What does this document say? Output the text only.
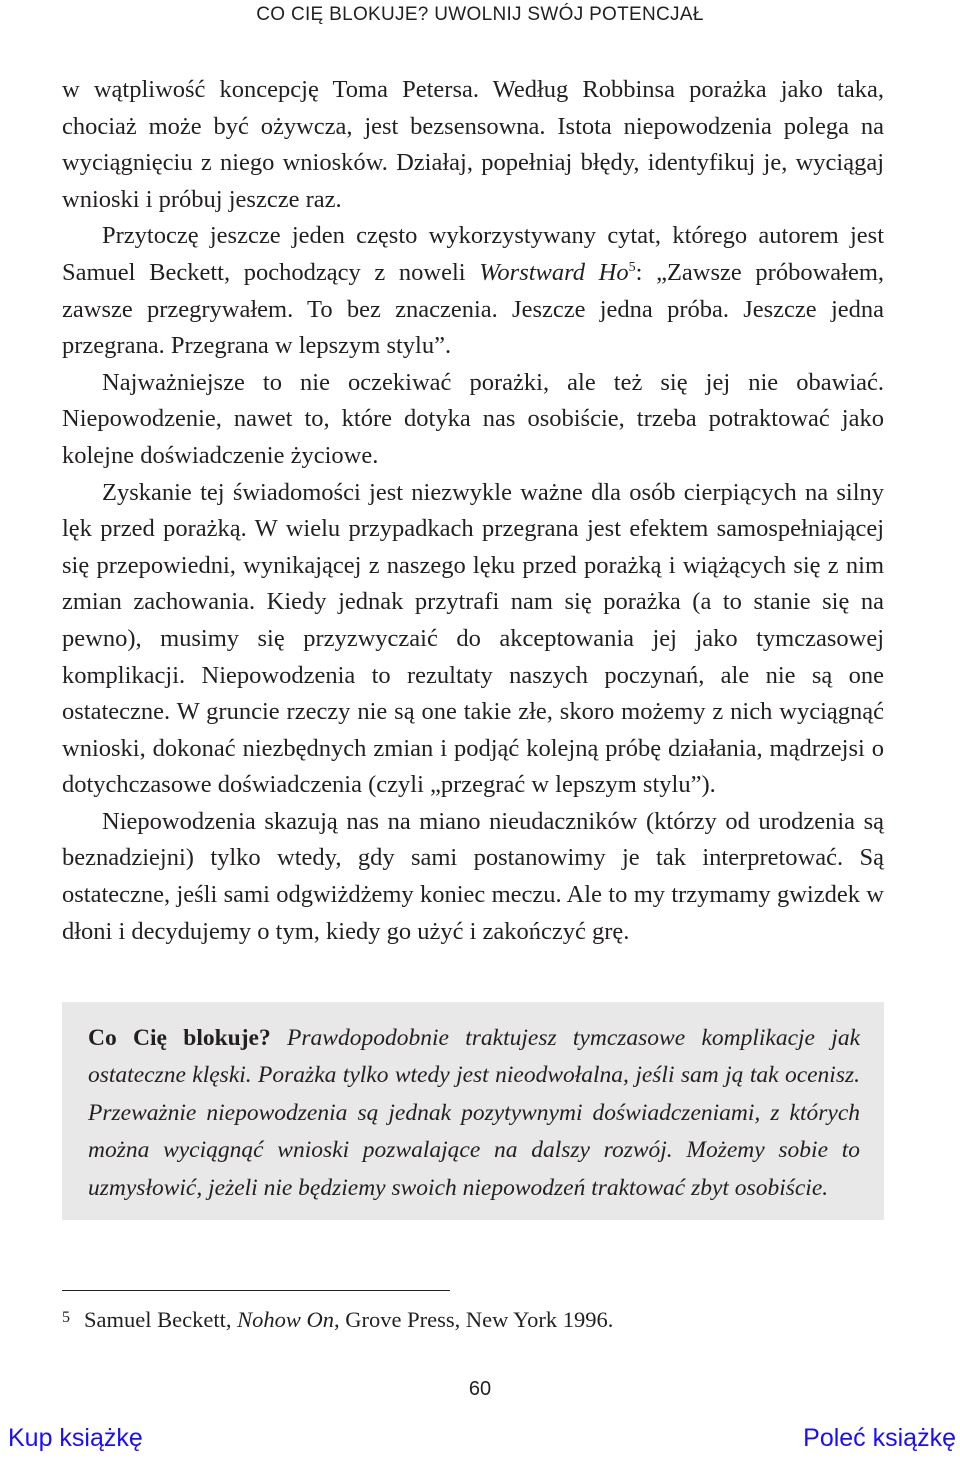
CO CIĘ BLOKUJE? UWOLNIJ SWÓJ POTENCJAŁ

w wątpliwość koncepcję Toma Petersa. Według Robbinsa porażka jako taka, chociaż może być ożywcza, jest bezsensowna. Istota niepowodzenia polega na wyciągnięciu z niego wniosków. Działaj, popełniaj błędy, identyfikuj je, wyciągaj wnioski i próbuj jeszcze raz.

Przytoczę jeszcze jeden często wykorzystywany cytat, którego autorem jest Samuel Beckett, pochodzący z noweli Worstward Ho$^5$: „Zawsze próbowałem, zawsze przegrywałem. To bez znaczenia. Jeszcze jedna próba. Jeszcze jedna przegrana. Przegrana w lepszym stylu”.

Najważniejsze to nie oczekiwać porażki, ale też się jej nie obawiać. Niepowodzenie, nawet to, które dotyka nas osobiście, trzeba potraktować jako kolejne doświadczenie życiowe.

Zyskanie tej świadomości jest niezwykle ważne dla osób cierpiących na silny lęk przed porażką. W wielu przypadkach przegrana jest efektem samospełniającej się przepowiedni, wynikającej z naszego lęku przed porażką i wiążących się z nim zmian zachowania. Kiedy jednak przytrafi nam się porażka (a to stanie się na pewno), musimy się przyzwyczaić do akceptowania jej jako tymczasowej komplikacji. Niepowodzenia to rezultaty naszych poczynań, ale nie są one ostateczne. W gruncie rzeczy nie są one takie złe, skoro możemy z nich wyciągnąć wnioski, dokonać niezbędnych zmian i podjąć kolejną próbę działania, mądrzejsi o dotychczasowe doświadczenia (czyli „przegrać w lepszym stylu”).

Niepowodzenia skazują nas na miano nieudaczników (którzy od urodzenia są beznadziejni) tylko wtedy, gdy sami postanowimy je tak interpretować. Są ostateczne, jeśli sami odgwiżdżemy koniec meczu. Ale to my trzymamy gwizdek w dłoni i decydujemy o tym, kiedy go użyć i zakończyć grę.

Co Cię blokuje? Prawdopodobnie traktujesz tymczasowe komplikacje jak ostateczne klęski. Porażka tylko wtedy jest nieodwołalna, jeśli sam ją tak ocenisz. Przeważnie niepowodzenia są jednak pozytywnymi doświadczeniami, z których można wyciągnąć wnioski pozwalające na dalszy rozwój. Możemy sobie to uzmysłowić, jeżeli nie będziemy swoich niepowodzeń traktować zbyt osobiście.
$^5$ Samuel Beckett, Nohow On, Grove Press, New York 1996.
60
Kup książkę	Poleć książkę
